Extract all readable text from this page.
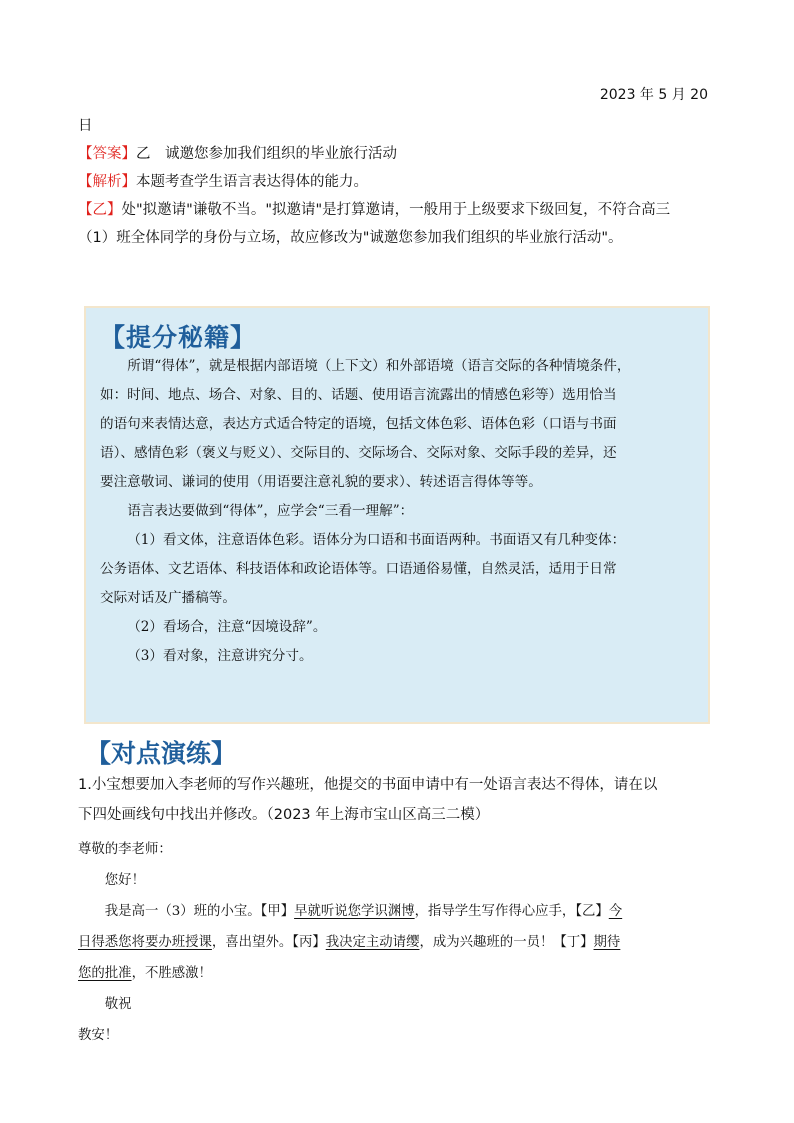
2023 年 5 月 20
日
【答案】乙　诚邀您参加我们组织的毕业旅行活动
【解析】本题考查学生语言表达得体的能力。
【乙】处"拟邀请"谦敬不当。"拟邀请"是打算邀请，一般用于上级要求下级回复，不符合高三
（1）班全体同学的身份与立场，故应修改为"诚邀您参加我们组织的毕业旅行活动"。
【提分秘籍】
所谓“得体”，就是根据内部语境（上下文）和外部语境（语言交际的各种情境条件，
如：时间、地点、场合、对象、目的、话题、使用语言流露出的情感色彩等）选用恰当
的语句来表情达意，表达方式适合特定的语境，包括文体色彩、语体色彩（口语与书面
语）、感情色彩（褒义与贬义）、交际目的、交际场合、交际对象、交际手段的差异，还
要注意敬词、谦词的使用（用语要注意礼貌的要求）、转述语言得体等等。
语言表达要做到“得体”，应学会“三看一理解”：
（1）看文体，注意语体色彩。语体分为口语和书面语两种。书面语又有几种变体：
公务语体、文艺语体、科技语体和政论语体等。口语通俗易懂，自然灵活，适用于日常
交际对话及广播稿等。
（2）看场合，注意“因境设辞”。
（3）看对象，注意讲究分寸。
【对点演练】
1.小宝想要加入李老师的写作兴趣班，他提交的书面申请中有一处语言表达不得体，请在以
下四处画线句中找出并修改。（2023 年上海市宝山区高三二模）
尊敬的李老师：
您好！
我是高一（3）班的小宝。【甲】早就听说您学识渊博，指导学生写作得心应手，【乙】今
日得悉您将要办班授课，喜出望外。【丙】我决定主动请缨，成为兴趣班的一员！【丁】期待
您的批准，不胜感激！
敬祝
教安！
